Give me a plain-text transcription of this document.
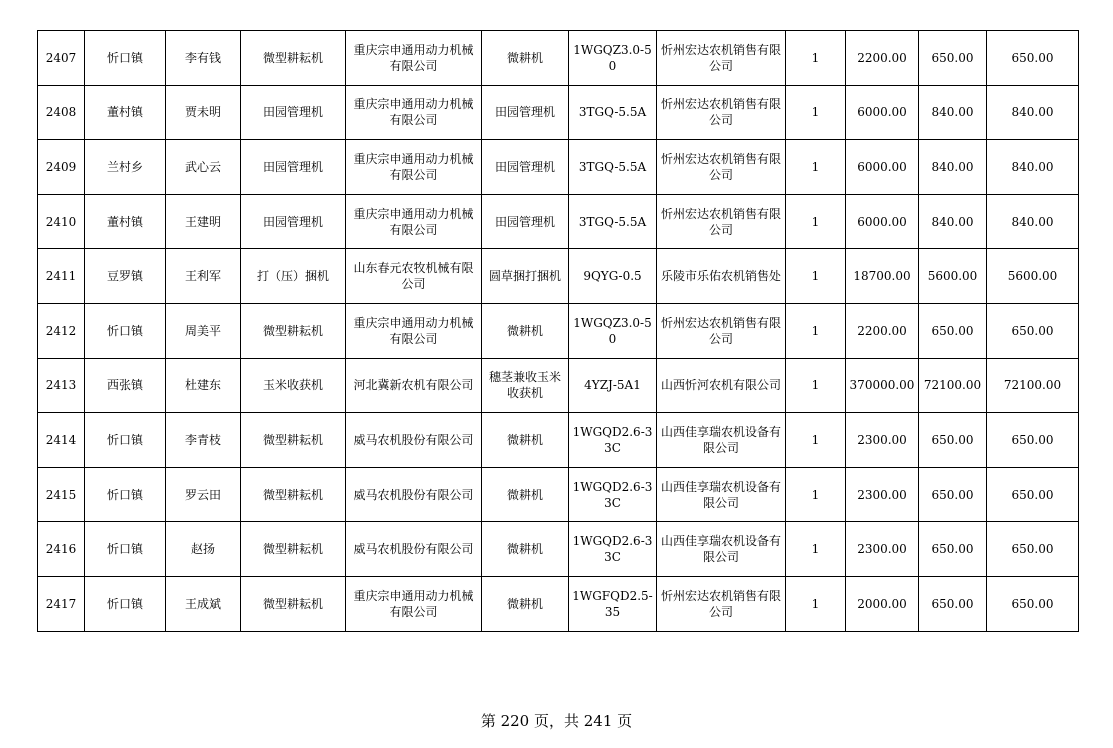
2407	忻口镇	李有钱	微型耕耘机	重庆宗申通用动力机械有限公司	微耕机	1WGQZ3.0-50	忻州宏达农机销售有限公司	1	2200.00	650.00	650.00
2408	董村镇	贾未明	田园管理机	重庆宗申通用动力机械有限公司	田园管理机	3TGQ-5.5A	忻州宏达农机销售有限公司	1	6000.00	840.00	840.00
2409	兰村乡	武心云	田园管理机	重庆宗申通用动力机械有限公司	田园管理机	3TGQ-5.5A	忻州宏达农机销售有限公司	1	6000.00	840.00	840.00
2410	董村镇	王建明	田园管理机	重庆宗申通用动力机械有限公司	田园管理机	3TGQ-5.5A	忻州宏达农机销售有限公司	1	6000.00	840.00	840.00
2411	豆罗镇	王利军	打（压）捆机	山东春元农牧机械有限公司	圆草捆打捆机	9QYG-0.5	乐陵市乐佑农机销售处	1	18700.00	5600.00	5600.00
2412	忻口镇	周美平	微型耕耘机	重庆宗申通用动力机械有限公司	微耕机	1WGQZ3.0-50	忻州宏达农机销售有限公司	1	2200.00	650.00	650.00
2413	西张镇	杜建东	玉米收获机	河北冀新农机有限公司	穗茎兼收玉米收获机	4YZJ-5A1	山西忻河农机有限公司	1	370000.00	72100.00	72100.00
2414	忻口镇	李青枝	微型耕耘机	威马农机股份有限公司	微耕机	1WGQD2.6-33C	山西佳享瑞农机设备有限公司	1	2300.00	650.00	650.00
2415	忻口镇	罗云田	微型耕耘机	威马农机股份有限公司	微耕机	1WGQD2.6-33C	山西佳享瑞农机设备有限公司	1	2300.00	650.00	650.00
2416	忻口镇	赵扬	微型耕耘机	威马农机股份有限公司	微耕机	1WGQD2.6-33C	山西佳享瑞农机设备有限公司	1	2300.00	650.00	650.00
2417	忻口镇	王成斌	微型耕耘机	重庆宗申通用动力机械有限公司	微耕机	1WGFQD2.5-35	忻州宏达农机销售有限公司	1	2000.00	650.00	650.00
第 220 页，共 241 页
